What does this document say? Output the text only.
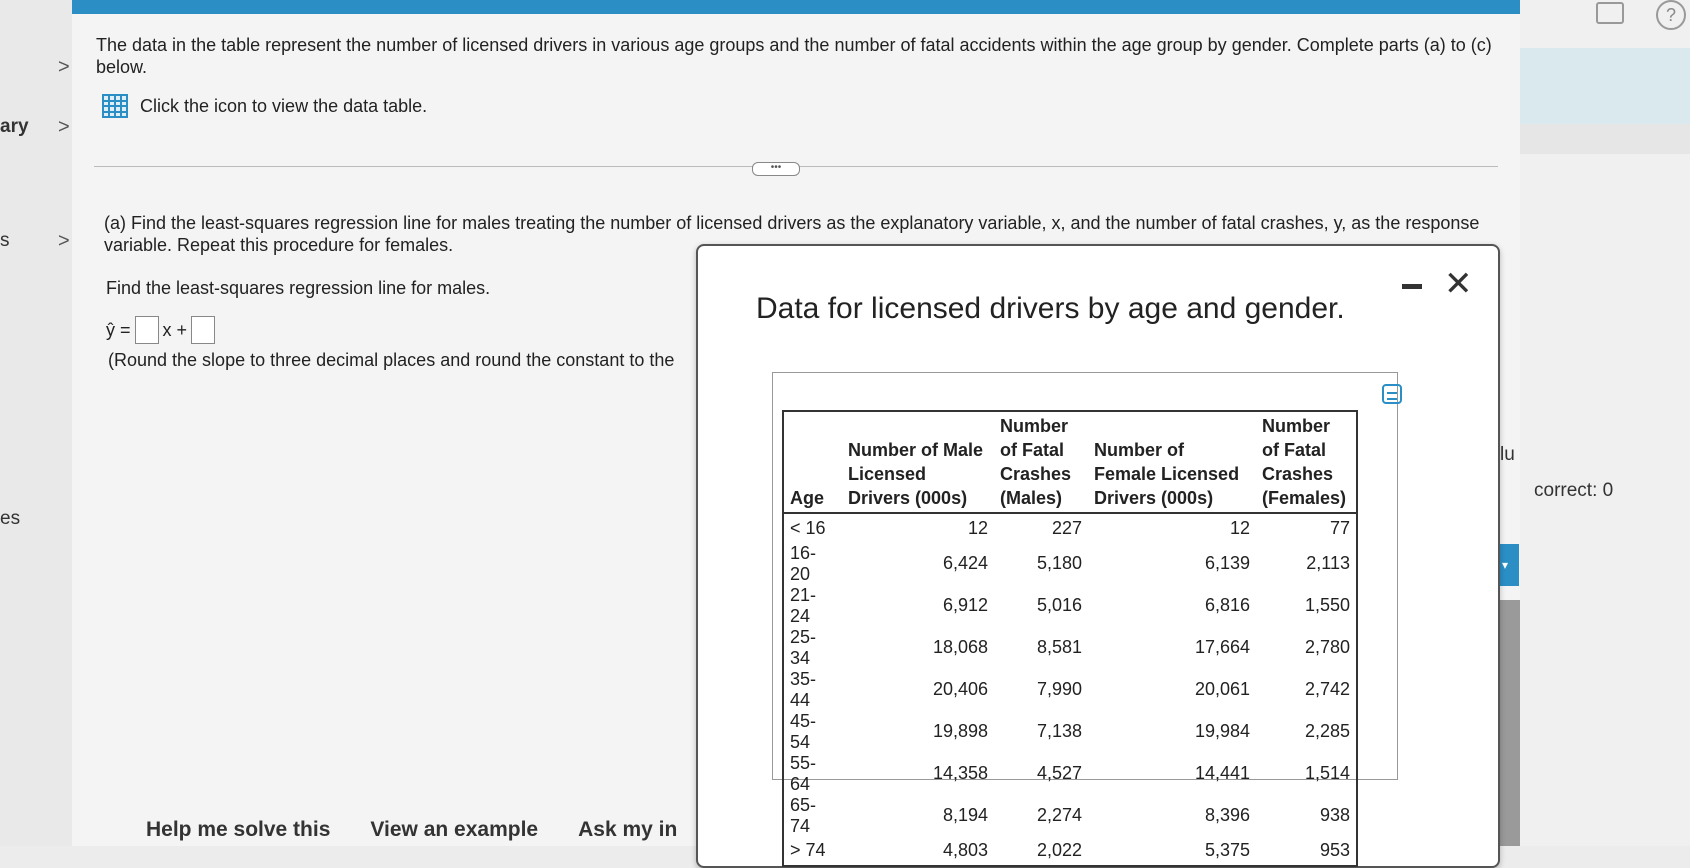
>
ary >
s >
es
The data in the table represent the number of licensed drivers in various age groups and the number of fatal accidents within the age group by gender. Complete parts (a) to (c) below.
Click the icon to view the data table.
•••
(a) Find the least-squares regression line for males treating the number of licensed drivers as the explanatory variable, x, and the number of fatal crashes, y, as the response variable. Repeat this procedure for females.
Find the least-squares regression line for males.
ŷ = x +
(Round the slope to three decimal places and round the constant to the
Help me solve this View an example Ask my in
lu
correct: 0
▾
?
Data for licensed drivers by age and gender.
✕
Age	Number of Male Licensed Drivers (000s)	Number of Fatal Crashes (Males)	Number of Female Licensed Drivers (000s)	Number of Fatal Crashes (Females)
< 16	12	227	12	77
16-20	6,424	5,180	6,139	2,113
21-24	6,912	5,016	6,816	1,550
25-34	18,068	8,581	17,664	2,780
35-44	20,406	7,990	20,061	2,742
45-54	19,898	7,138	19,984	2,285
55-64	14,358	4,527	14,441	1,514
65-74	8,194	2,274	8,396	938
> 74	4,803	2,022	5,375	953
